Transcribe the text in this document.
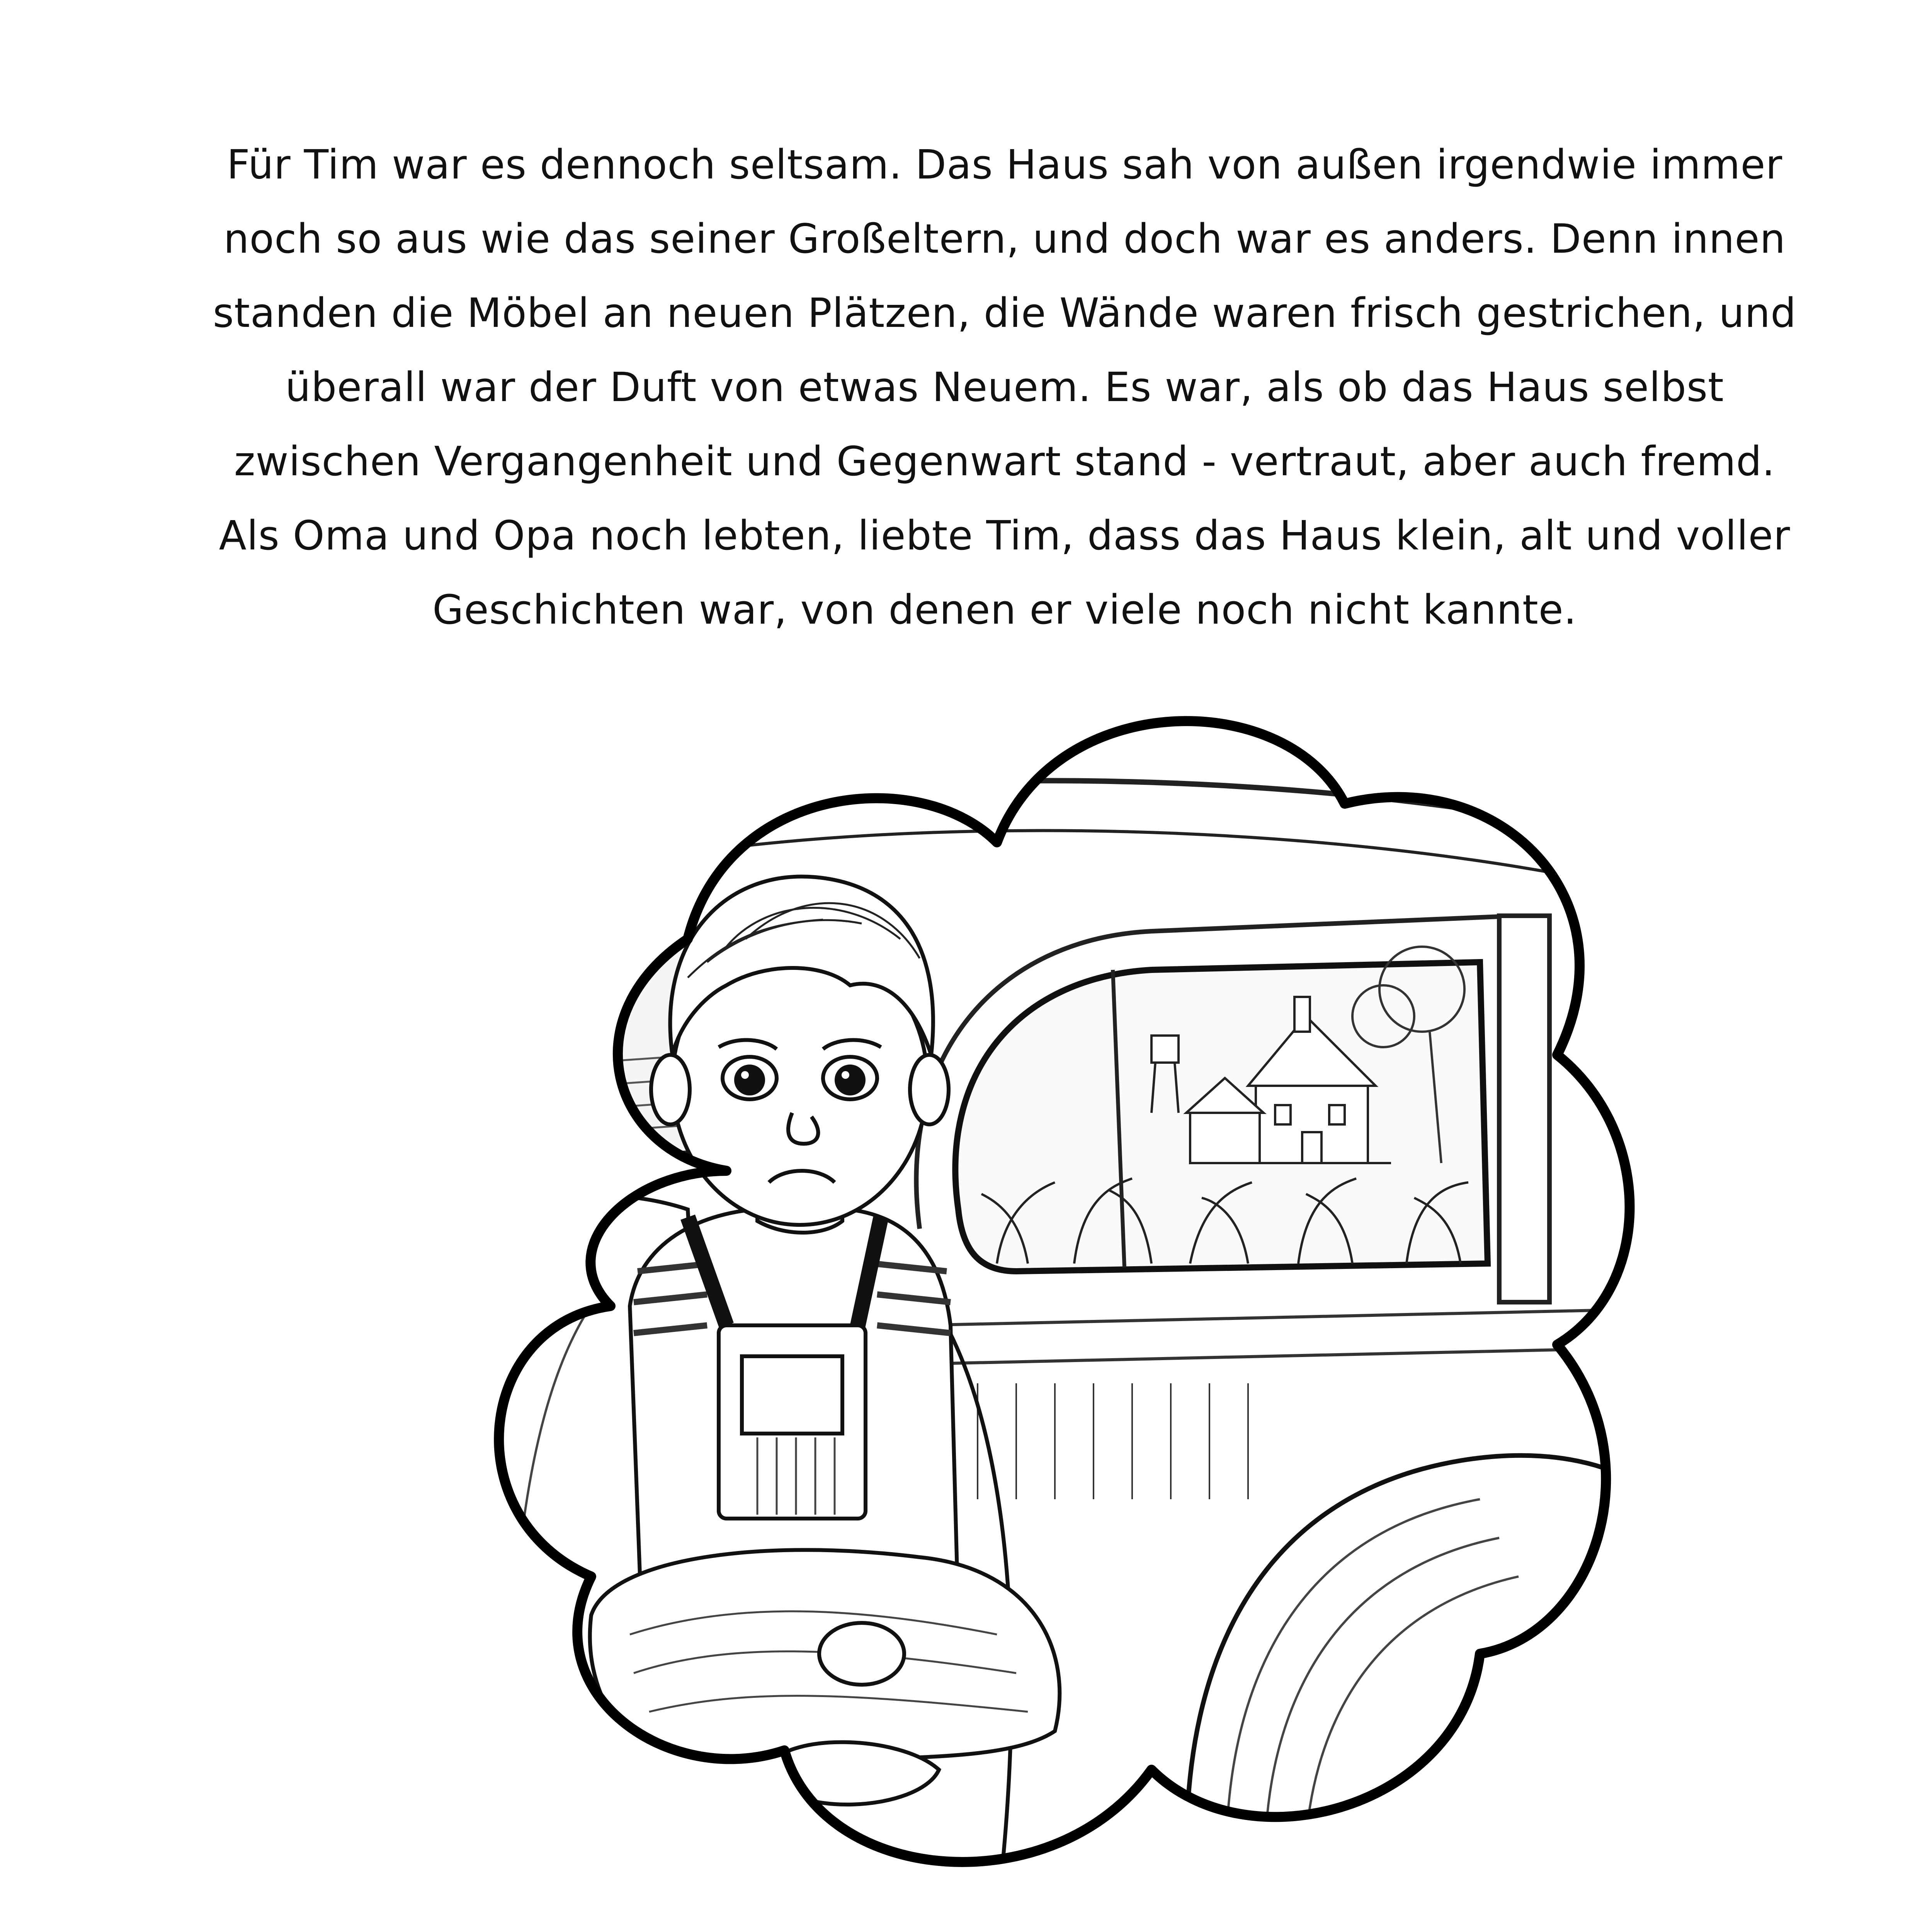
Für Tim war es dennoch seltsam. Das Haus sah von außen irgendwie immer
noch so aus wie das seiner Großeltern, und doch war es anders. Denn innen
standen die Möbel an neuen Plätzen, die Wände waren frisch gestrichen, und
überall war der Duft von etwas Neuem. Es war, als ob das Haus selbst
zwischen Vergangenheit und Gegenwart stand - vertraut, aber auch fremd.
Als Oma und Opa noch lebten, liebte Tim, dass das Haus klein, alt und voller
Geschichten war, von denen er viele noch nicht kannte.
